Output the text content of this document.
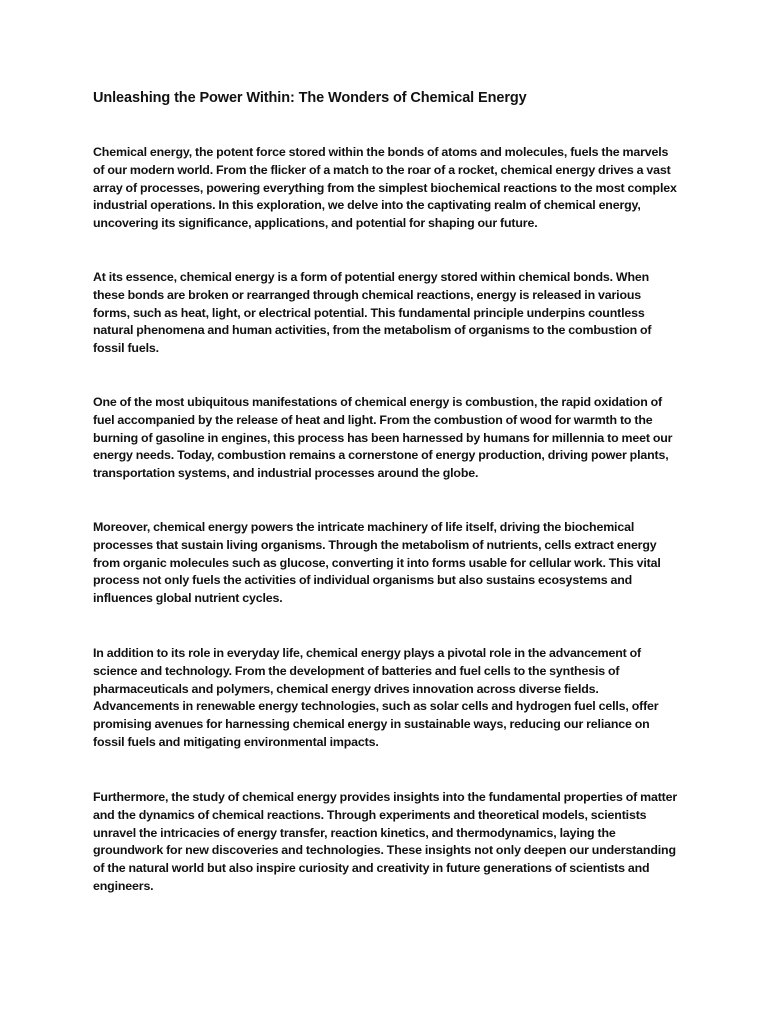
Unleashing the Power Within: The Wonders of Chemical Energy

Chemical energy, the potent force stored within the bonds of atoms and molecules, fuels the marvels of our modern world. From the flicker of a match to the roar of a rocket, chemical energy drives a vast array of processes, powering everything from the simplest biochemical reactions to the most complex industrial operations. In this exploration, we delve into the captivating realm of chemical energy, uncovering its significance, applications, and potential for shaping our future.

At its essence, chemical energy is a form of potential energy stored within chemical bonds. When these bonds are broken or rearranged through chemical reactions, energy is released in various forms, such as heat, light, or electrical potential. This fundamental principle underpins countless natural phenomena and human activities, from the metabolism of organisms to the combustion of fossil fuels.

One of the most ubiquitous manifestations of chemical energy is combustion, the rapid oxidation of fuel accompanied by the release of heat and light. From the combustion of wood for warmth to the burning of gasoline in engines, this process has been harnessed by humans for millennia to meet our energy needs. Today, combustion remains a cornerstone of energy production, driving power plants, transportation systems, and industrial processes around the globe.

Moreover, chemical energy powers the intricate machinery of life itself, driving the biochemical processes that sustain living organisms. Through the metabolism of nutrients, cells extract energy from organic molecules such as glucose, converting it into forms usable for cellular work. This vital process not only fuels the activities of individual organisms but also sustains ecosystems and influences global nutrient cycles.

In addition to its role in everyday life, chemical energy plays a pivotal role in the advancement of science and technology. From the development of batteries and fuel cells to the synthesis of pharmaceuticals and polymers, chemical energy drives innovation across diverse fields. Advancements in renewable energy technologies, such as solar cells and hydrogen fuel cells, offer promising avenues for harnessing chemical energy in sustainable ways, reducing our reliance on fossil fuels and mitigating environmental impacts.

Furthermore, the study of chemical energy provides insights into the fundamental properties of matter and the dynamics of chemical reactions. Through experiments and theoretical models, scientists unravel the intricacies of energy transfer, reaction kinetics, and thermodynamics, laying the groundwork for new discoveries and technologies. These insights not only deepen our understanding of the natural world but also inspire curiosity and creativity in future generations of scientists and engineers.
